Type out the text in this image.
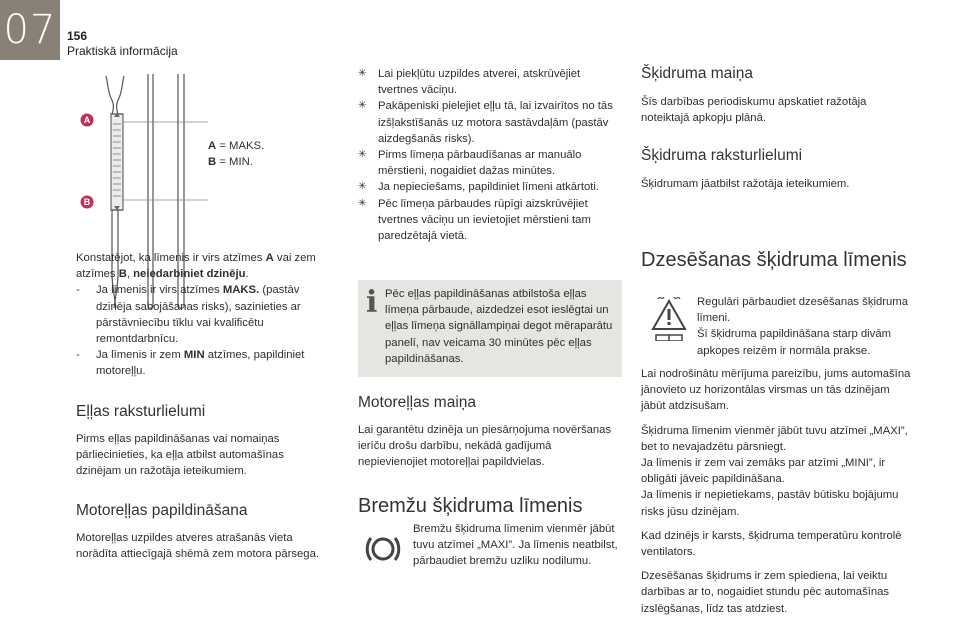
07 156
Praktiskā informācija
A
B
A = MAKS.
B = MIN.

Konstatējot, ka līmenis ir virs atzīmes A vai zem atzīmes B, neiedarbiniet dzinēju.

- Ja līmenis ir virs atzīmes MAKS. (pastāv dzinēja sabojāšanas risks), sazinieties ar pārstāvniecību tīklu vai kvalificētu remontdarbnīcu.
- Ja līmenis ir zem MIN atzīmes, papildiniet motoreļļu.
Eļļas raksturlielumi

Pirms eļļas papildināšanas vai nomaiņas pārliecinieties, ka eļļa atbilst automašīnas dzinējam un ražotāja ieteikumiem.

Motoreļļas papildināšana

Motoreļļas uzpildes atveres atrašanās vieta norādīta attiecīgajā shēmā zem motora pārsega.

✳ Lai piekļūtu uzpildes atverei, atskrūvējiet tvertnes vāciņu.
✳ Pakāpeniski pielejiet eļļu tā, lai izvairītos no tās izšļakstīšanās uz motora sastāvdaļām (pastāv aizdegšanās risks).
✳ Pirms līmeņa pārbaudīšanas ar manuālo mērstieni, nogaidiet dažas minūtes.
✳ Ja nepieciešams, papildiniet līmeni atkārtoti.
✳ Pēc līmeņa pārbaudes rūpīgi aizskrūvējiet tvertnes vāciņu un ievietojiet mērstieni tam paredzētajā vietā.
i Pēc eļļas papildināšanas atbilstoša eļļas līmeņa pārbaude, aizdedzei esot ieslēgtai un eļļas līmeņa signāllampiņai degot mēraparātu panelī, nav veicama 30 minūtes pēc eļļas papildināšanas.
Motoreļļas maiņa

Lai garantētu dzinēja un piesārņojuma novēršanas ierīču drošu darbību, nekādā gadījumā nepievienojiet motoreļļai papildvielas.

Bremžu šķidruma līmenis
Bremžu šķidruma līmenim vienmēr jābūt tuvu atzīmei „MAXI”. Ja līmenis neatbilst, pārbaudiet bremžu uzliku nodilumu.
Šķidruma maiņa

Šīs darbības periodiskumu apskatiet ražotāja noteiktajā apkopju plānā.

Šķidruma raksturlielumi

Šķidrumam jāatbilst ražotāja ieteikumiem.

Dzesēšanas šķidruma līmenis

Regulāri pārbaudiet dzesēšanas šķidruma līmeni.

Šī šķidruma papildināšana starp divām apkopes reizēm ir normāla prakse.

Lai nodrošinātu mērījuma pareizību, jums automašīna jānovieto uz horizontālas virsmas un tās dzinējam jābūt atdzisušam.

Šķidruma līmenim vienmēr jābūt tuvu atzīmei „MAXI”, bet to nevajadzētu pārsniegt.

Ja līmenis ir zem vai zemāks par atzīmi „MINI”, ir obligāti jāveic papildināšana.

Ja līmenis ir nepietiekams, pastāv būtisku bojājumu risks jūsu dzinējam.

Kad dzinējs ir karsts, šķidruma temperatūru kontrolē ventilators.

Dzesēšanas šķidrums ir zem spiediena, lai veiktu darbības ar to, nogaidiet stundu pēc automašīnas izslēgšanas, līdz tas atdziest.
